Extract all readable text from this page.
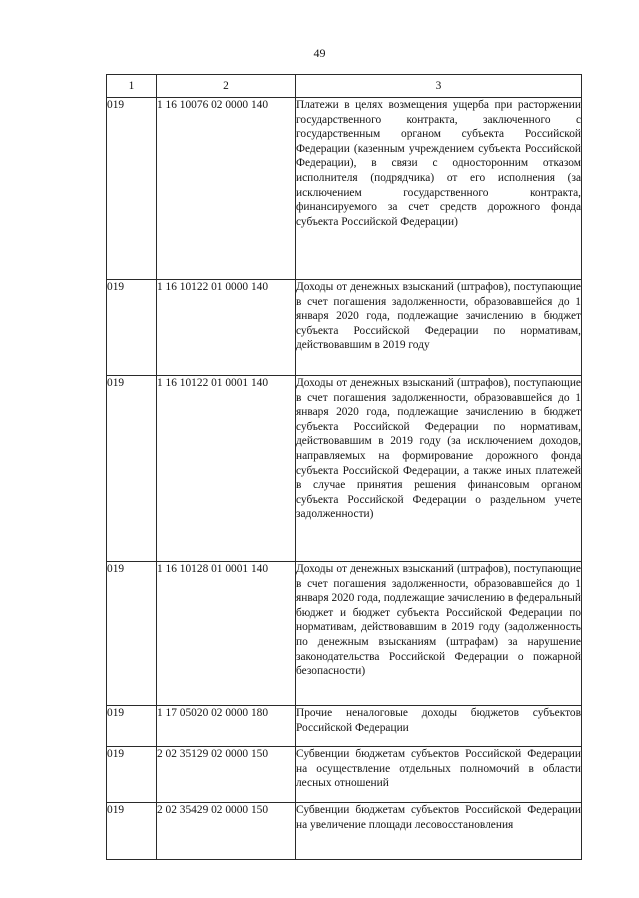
49
1	2	3
019	1 16 10076 02 0000 140	Платежи в целях возмещения ущерба при расторжении государственного контракта, заключенного с государственным органом субъекта Российской Федерации (казенным учреждением субъекта Российской Федерации), в связи с односторонним отказом исполнителя (подрядчика) от его исполнения (за исключением государственного контракта, финансируемого за счет средств дорожного фонда субъекта Российской Федерации)
019	1 16 10122 01 0000 140	Доходы от денежных взысканий (штрафов), поступающие в счет погашения задолженности, образовавшейся до 1 января 2020 года, подлежащие зачислению в бюджет субъекта Российской Федерации по нормативам, действовавшим в 2019 году
019	1 16 10122 01 0001 140	Доходы от денежных взысканий (штрафов), поступающие в счет погашения задолженности, образовавшейся до 1 января 2020 года, подлежащие зачислению в бюджет субъекта Российской Федерации по нормативам, действовавшим в 2019 году (за исключением доходов, направляемых на формирование дорожного фонда субъекта Российской Федерации, а также иных платежей в случае принятия решения финансовым органом субъекта Российской Федерации о раздельном учете задолженности)
019	1 16 10128 01 0001 140	Доходы от денежных взысканий (штрафов), поступающие в счет погашения задолженности, образовавшейся до 1 января 2020 года, подлежащие зачислению в федеральный бюджет и бюджет субъекта Российской Федерации по нормативам, действовавшим в 2019 году (задолженность по денежным взысканиям (штрафам) за нарушение законодательства Российской Федерации о пожарной безопасности)
019	1 17 05020 02 0000 180	Прочие неналоговые доходы бюджетов субъектов Российской Федерации
019	2 02 35129 02 0000 150	Субвенции бюджетам субъектов Российской Федерации на осуществление отдельных полномочий в области лесных отношений
019	2 02 35429 02 0000 150	Субвенции бюджетам субъектов Российской Федерации на увеличение площади лесовосстановления
